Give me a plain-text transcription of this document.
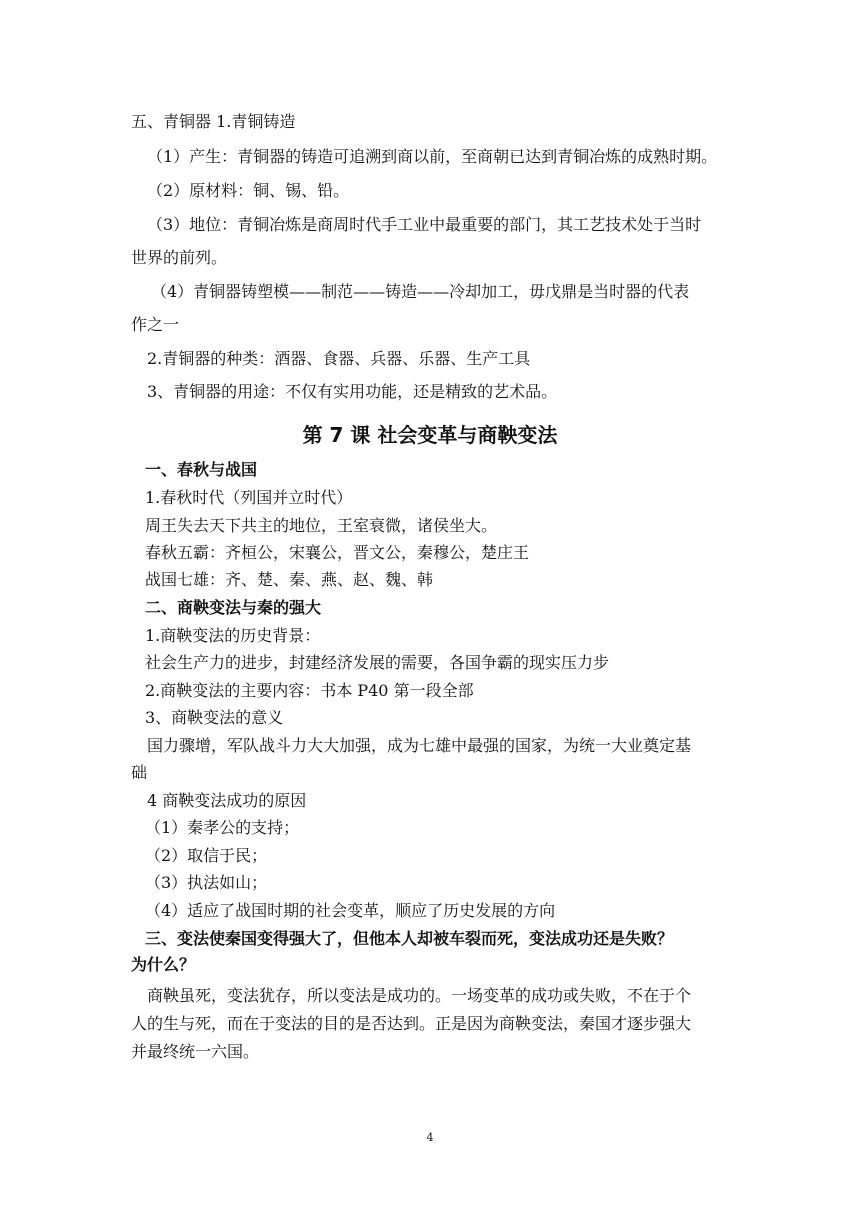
五、青铜器 1.青铜铸造

（1）产生：青铜器的铸造可追溯到商以前，至商朝已达到青铜冶炼的成熟时期。

（2）原材料：铜、锡、铅。

（3）地位：青铜冶炼是商周时代手工业中最重要的部门，其工艺技术处于当时

世界的前列。

（4）青铜器铸塑模——制范——铸造——冷却加工，毋戊鼎是当时器的代表

作之一

2.青铜器的种类：酒器、食器、兵器、乐器、生产工具

3、青铜器的用途：不仅有实用功能，还是精致的艺术品。

第 7 课 社会变革与商鞅变法

一、春秋与战国

1.春秋时代（列国并立时代）

周王失去天下共主的地位，王室衰微，诸侯坐大。

春秋五霸：齐桓公，宋襄公，晋文公，秦穆公，楚庄王

战国七雄：齐、楚、秦、燕、赵、魏、韩

二、商鞅变法与秦的强大

1.商鞅变法的历史背景：

社会生产力的进步，封建经济发展的需要，各国争霸的现实压力步

2.商鞅变法的主要内容：书本 P40 第一段全部

3、商鞅变法的意义

国力骤增，军队战斗力大大加强，成为七雄中最强的国家，为统一大业奠定基

础

4 商鞅变法成功的原因

（1）秦孝公的支持；

（2）取信于民；

（3）执法如山；

（4）适应了战国时期的社会变革，顺应了历史发展的方向

三、变法使秦国变得强大了，但他本人却被车裂而死，变法成功还是失败？

为什么？

商鞅虽死，变法犹存，所以变法是成功的。一场变革的成功或失败，不在于个

人的生与死，而在于变法的目的是否达到。正是因为商鞅变法，秦国才逐步强大

并最终统一六国。

4
